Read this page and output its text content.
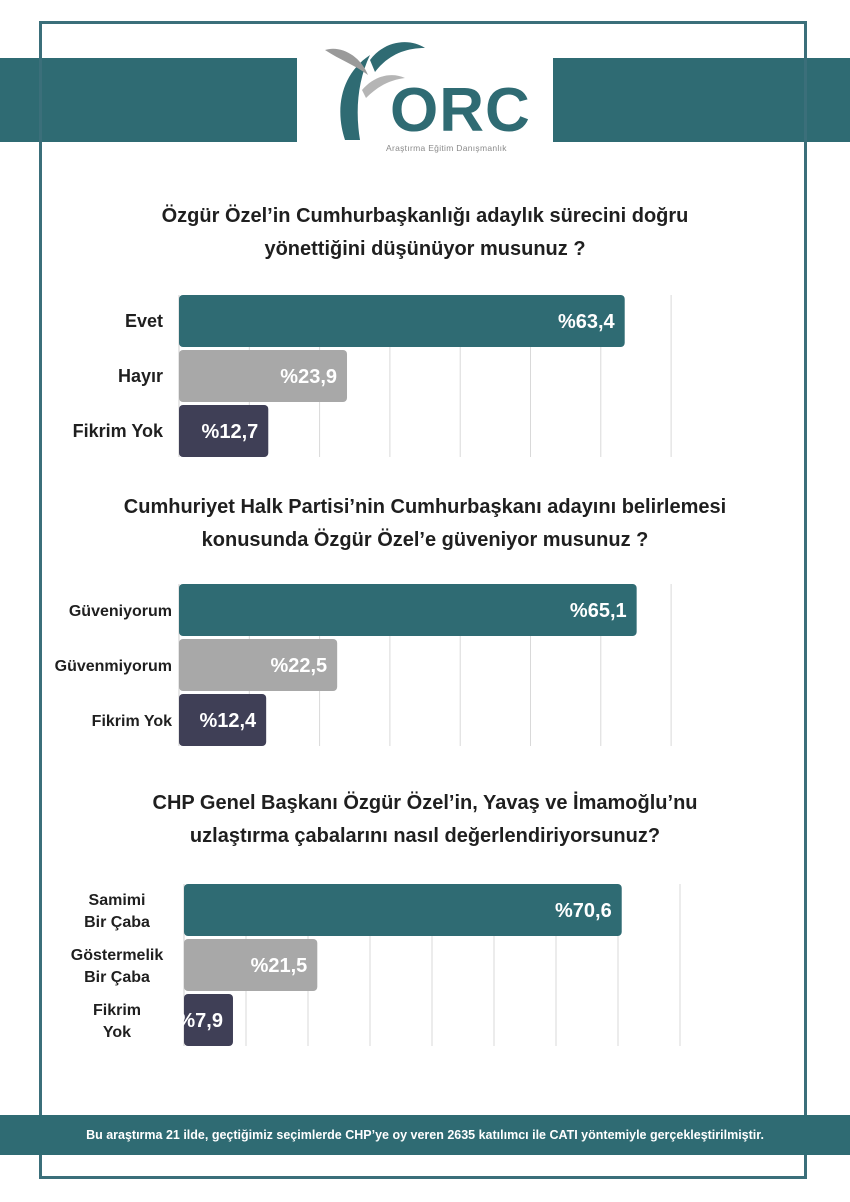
ORC
Araştırma Eğitim Danışmanlık
Özgür Özel’in Cumhurbaşkanlığı adaylık sürecini doğru
yönettiğini düşünüyor musunuz ?
Cumhuriyet Halk Partisi’nin Cumhurbaşkanı adayını belirlemesi
konusunda Özgür Özel’e güveniyor musunuz ?
CHP Genel Başkanı Özgür Özel’in, Yavaş ve İmamoğlu’nu
uzlaştırma çabalarını nasıl değerlendiriyorsunuz?
%63,4
Evet
%23,9
Hayır
%12,7
Fikrim Yok
%65,1
Güveniyorum
%22,5
Güvenmiyorum
%12,4
Fikrim Yok
%70,6
Samimi
Bir Çaba
%21,5
Göstermelik
Bir Çaba
%7,9
Fikrim
Yok
Bu araştırma 21 ilde, geçtiğimiz seçimlerde CHP’ye oy veren 2635 katılımcı ile CATI yöntemiyle gerçekleştirilmiştir.
